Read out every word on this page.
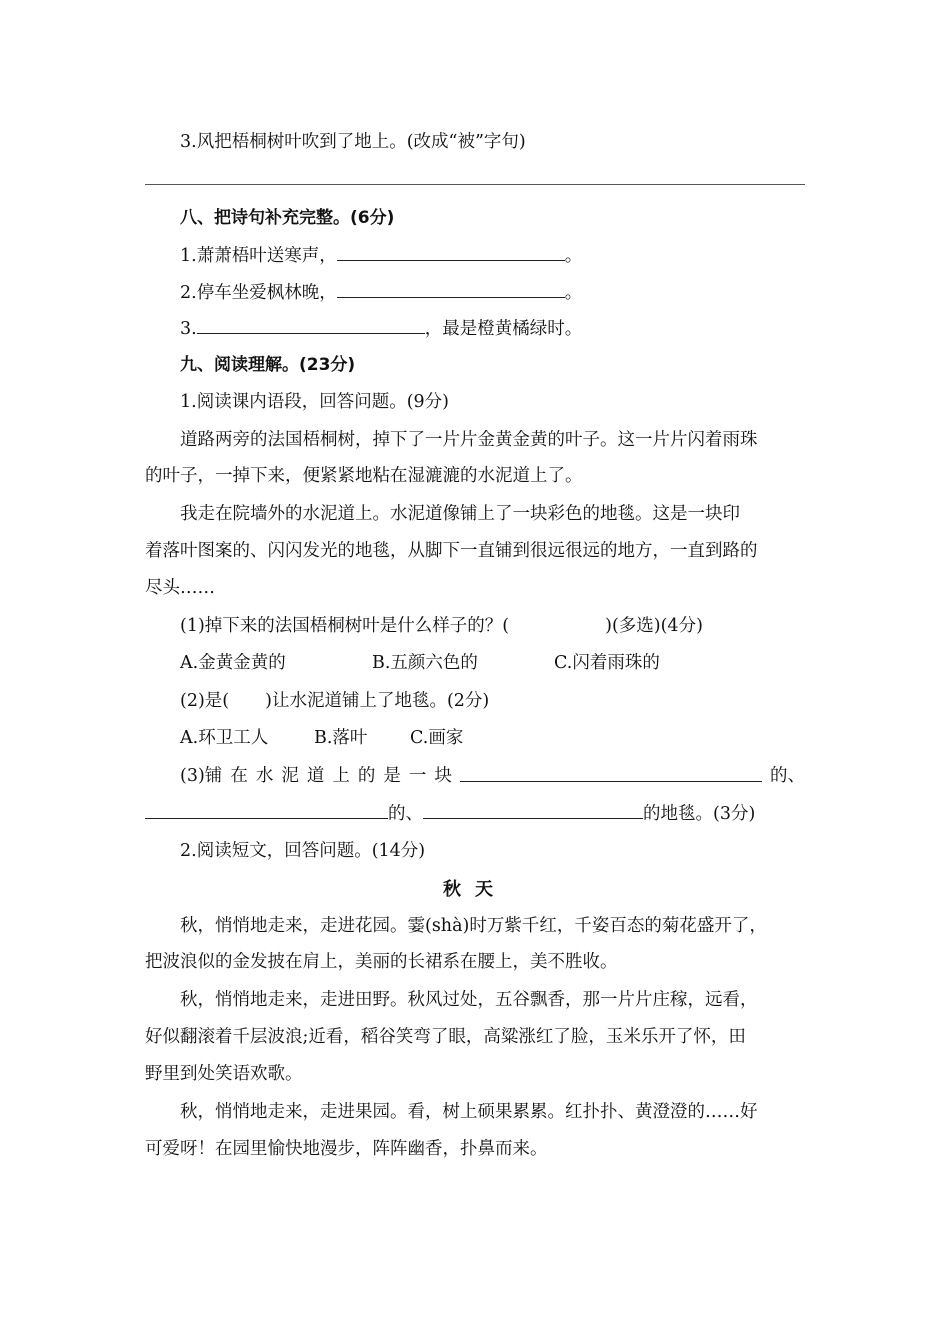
3.风把梧桐树叶吹到了地上。(改成“被”字句)
八、把诗句补充完整。(6分)
1.萧萧梧叶送寒声，	。
2.停车坐爱枫林晚，	。
3.	，最是橙黄橘绿时。
九、阅读理解。(23分)
1.阅读课内语段，回答问题。(9分)
道路两旁的法国梧桐树，掉下了一片片金黄金黄的叶子。这一片片闪着雨珠
的叶子，一掉下来，便紧紧地粘在湿漉漉的水泥道上了。
我走在院墙外的水泥道上。水泥道像铺上了一块彩色的地毯。这是一块印
着落叶图案的、闪闪发光的地毯，从脚下一直铺到很远很远的地方，一直到路的
尽头……
(1)掉下来的法国梧桐树叶是什么样子的？(	)(多选)(4分)
A.金黄金黄的	B.五颜六色的	C.闪着雨珠的
(2)是( )让水泥道铺上了地毯。(2分)
A.环卫工人	B.落叶 C.画家
(3)铺 在 水 泥 道 上 的 是 一 块	的、
的、	的地毯。(3分)
2.阅读短文，回答问题。(14分)
秋天
秋，悄悄地走来，走进花园。霎(shà)时万紫千红，千姿百态的菊花盛开了，
把波浪似的金发披在肩上，美丽的长裙系在腰上，美不胜收。
秋，悄悄地走来，走进田野。秋风过处，五谷飘香，那一片片庄稼，远看，
好似翻滚着千层波浪;近看，稻谷笑弯了眼，高粱涨红了脸，玉米乐开了怀，田
野里到处笑语欢歌。
秋，悄悄地走来，走进果园。看，树上硕果累累。红扑扑、黄澄澄的……好
可爱呀！在园里愉快地漫步，阵阵幽香，扑鼻而来。
